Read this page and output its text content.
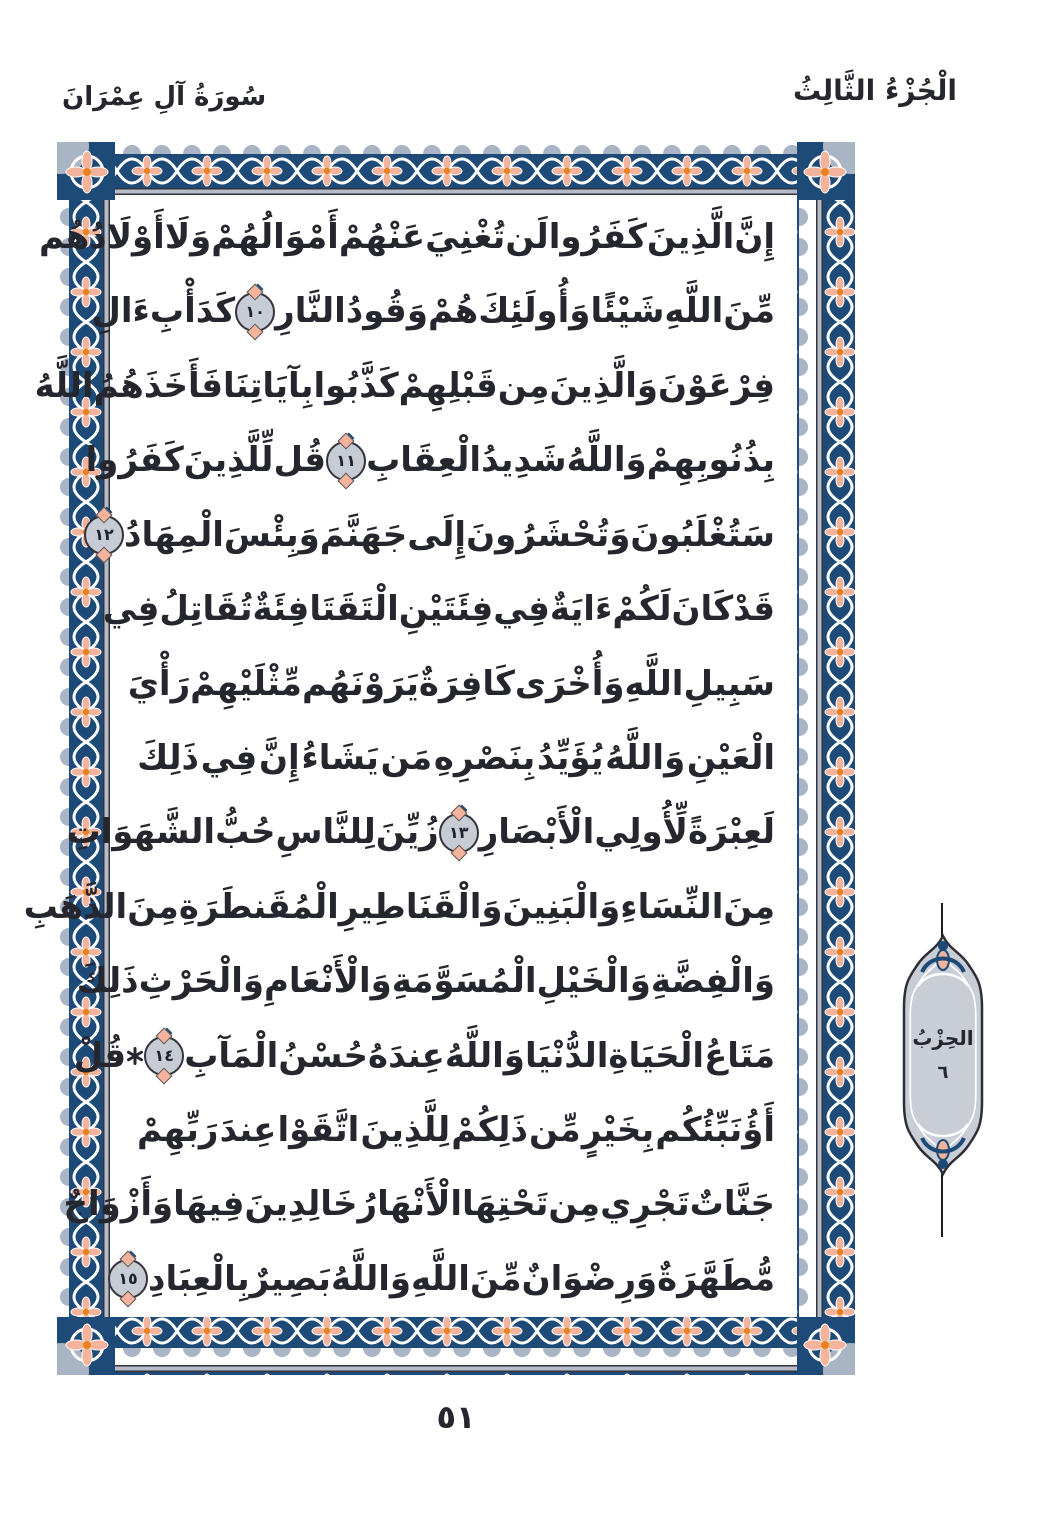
الْجُزْءُ الثَّالِثُ
سُورَةُ آلِ عِمْرَانَ
إِنَّ
الَّذِينَ
كَفَرُوا
لَن
تُغْنِيَ
عَنْهُمْ
أَمْوَالُهُمْ
وَلَا
أَوْلَادُهُم
مِّنَ
اللَّهِ
شَيْئًا
وَأُولَئِكَ
هُمْ
وَقُودُ
النَّارِ
١٠
كَدَأْبِ
ءَالِ
فِرْعَوْنَ
وَالَّذِينَ
مِن
قَبْلِهِمْ
كَذَّبُوا
بِآيَاتِنَا
فَأَخَذَهُمُ
اللَّهُ
بِذُنُوبِهِمْ
وَاللَّهُ
شَدِيدُ
الْعِقَابِ
١١
قُل
لِّلَّذِينَ
كَفَرُوا
سَتُغْلَبُونَ
وَتُحْشَرُونَ
إِلَى
جَهَنَّمَ
وَبِئْسَ
الْمِهَادُ
١٢
قَدْ
كَانَ
لَكُمْ
ءَايَةٌ
فِي
فِئَتَيْنِ
الْتَقَتَا
فِئَةٌ
تُقَاتِلُ
فِي
سَبِيلِ
اللَّهِ
وَأُخْرَى
كَافِرَةٌ
يَرَوْنَهُم
مِّثْلَيْهِمْ
رَأْيَ
الْعَيْنِ
وَاللَّهُ
يُؤَيِّدُ
بِنَصْرِهِ
مَن
يَشَاءُ
إِنَّ
فِي
ذَلِكَ
لَعِبْرَةً
لِّأُولِي
الْأَبْصَارِ
١٣
زُيِّنَ
لِلنَّاسِ
حُبُّ
الشَّهَوَاتِ
مِنَ
النِّسَاءِ
وَالْبَنِينَ
وَالْقَنَاطِيرِ
الْمُقَنطَرَةِ
مِنَ
الذَّهَبِ
وَالْفِضَّةِ
وَالْخَيْلِ
الْمُسَوَّمَةِ
وَالْأَنْعَامِ
وَالْحَرْثِ
ذَلِكَ
مَتَاعُ
الْحَيَاةِ
الدُّنْيَا
وَاللَّهُ
عِندَهُ
حُسْنُ
الْمَآبِ
١٤
قُلْ
أَؤُنَبِّئُكُم
بِخَيْرٍ
مِّن
ذَلِكُمْ
لِلَّذِينَ
اتَّقَوْا
عِندَ
رَبِّهِمْ
جَنَّاتٌ
تَجْرِي
مِن
تَحْتِهَا
الْأَنْهَارُ
خَالِدِينَ
فِيهَا
وَأَزْوَاجٌ
مُّطَهَّرَةٌ
وَرِضْوَانٌ
مِّنَ
اللَّهِ
وَاللَّهُ
بَصِيرٌ
بِالْعِبَادِ
١٥
الحِزْبُ
٦
٥١
